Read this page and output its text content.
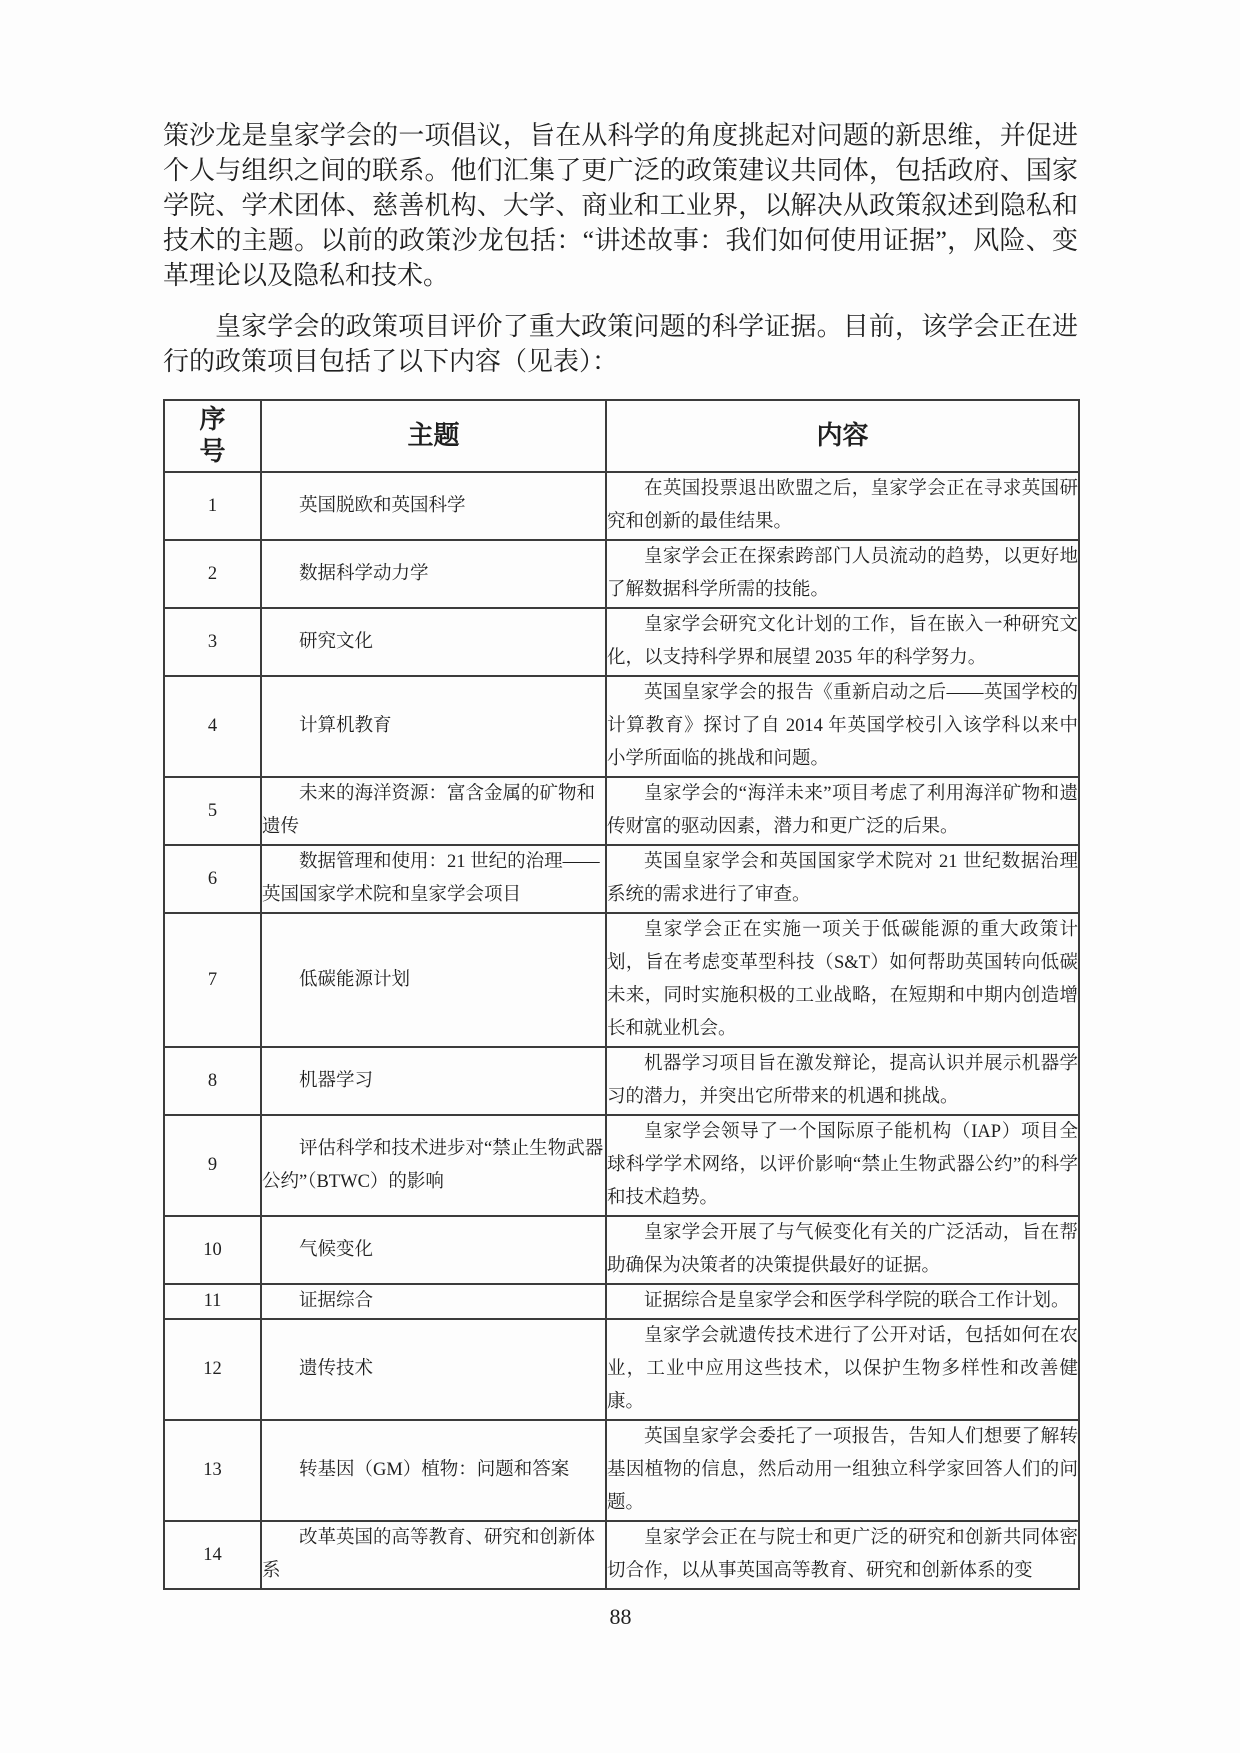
策沙龙是皇家学会的一项倡议，旨在从科学的角度挑起对问题的新思维，并促进个人与组织之间的联系。他们汇集了更广泛的政策建议共同体，包括政府、国家学院、学术团体、慈善机构、大学、商业和工业界，以解决从政策叙述到隐私和技术的主题。以前的政策沙龙包括：“讲述故事：我们如何使用证据”，风险、变革理论以及隐私和技术。

皇家学会的政策项目评价了重大政策问题的科学证据。目前，该学会正在进行的政策项目包括了以下内容（见表）：

序号	主题	内容
1	英国脱欧和英国科学	在英国投票退出欧盟之后，皇家学会正在寻求英国研究和创新的最佳结果。
2	数据科学动力学	皇家学会正在探索跨部门人员流动的趋势，以更好地了解数据科学所需的技能。
3	研究文化	皇家学会研究文化计划的工作，旨在嵌入一种研究文化，以支持科学界和展望 2035 年的科学努力。
4	计算机教育	英国皇家学会的报告《重新启动之后——英国学校的计算教育》探讨了自 2014 年英国学校引入该学科以来中小学所面临的挑战和问题。
5	未来的海洋资源：富含金属的矿物和遗传	皇家学会的“海洋未来”项目考虑了利用海洋矿物和遗传财富的驱动因素，潜力和更广泛的后果。
6	数据管理和使用：21 世纪的治理——英国国家学术院和皇家学会项目	英国皇家学会和英国国家学术院对 21 世纪数据治理系统的需求进行了审查。
7	低碳能源计划	皇家学会正在实施一项关于低碳能源的重大政策计划，旨在考虑变革型科技（S&T）如何帮助英国转向低碳未来，同时实施积极的工业战略，在短期和中期内创造增长和就业机会。
8	机器学习	机器学习项目旨在激发辩论，提高认识并展示机器学习的潜力，并突出它所带来的机遇和挑战。
9	评估科学和技术进步对“禁止生物武器公约”（BTWC）的影响	皇家学会领导了一个国际原子能机构（IAP）项目全球科学学术网络，以评价影响“禁止生物武器公约”的科学和技术趋势。
10	气候变化	皇家学会开展了与气候变化有关的广泛活动，旨在帮助确保为决策者的决策提供最好的证据。
11	证据综合	证据综合是皇家学会和医学科学院的联合工作计划。
12	遗传技术	皇家学会就遗传技术进行了公开对话，包括如何在农业，工业中应用这些技术，以保护生物多样性和改善健康。
13	转基因（GM）植物：问题和答案	英国皇家学会委托了一项报告，告知人们想要了解转基因植物的信息，然后动用一组独立科学家回答人们的问题。
14	改革英国的高等教育、研究和创新体系	皇家学会正在与院士和更广泛的研究和创新共同体密切合作，以从事英国高等教育、研究和创新体系的变
88
